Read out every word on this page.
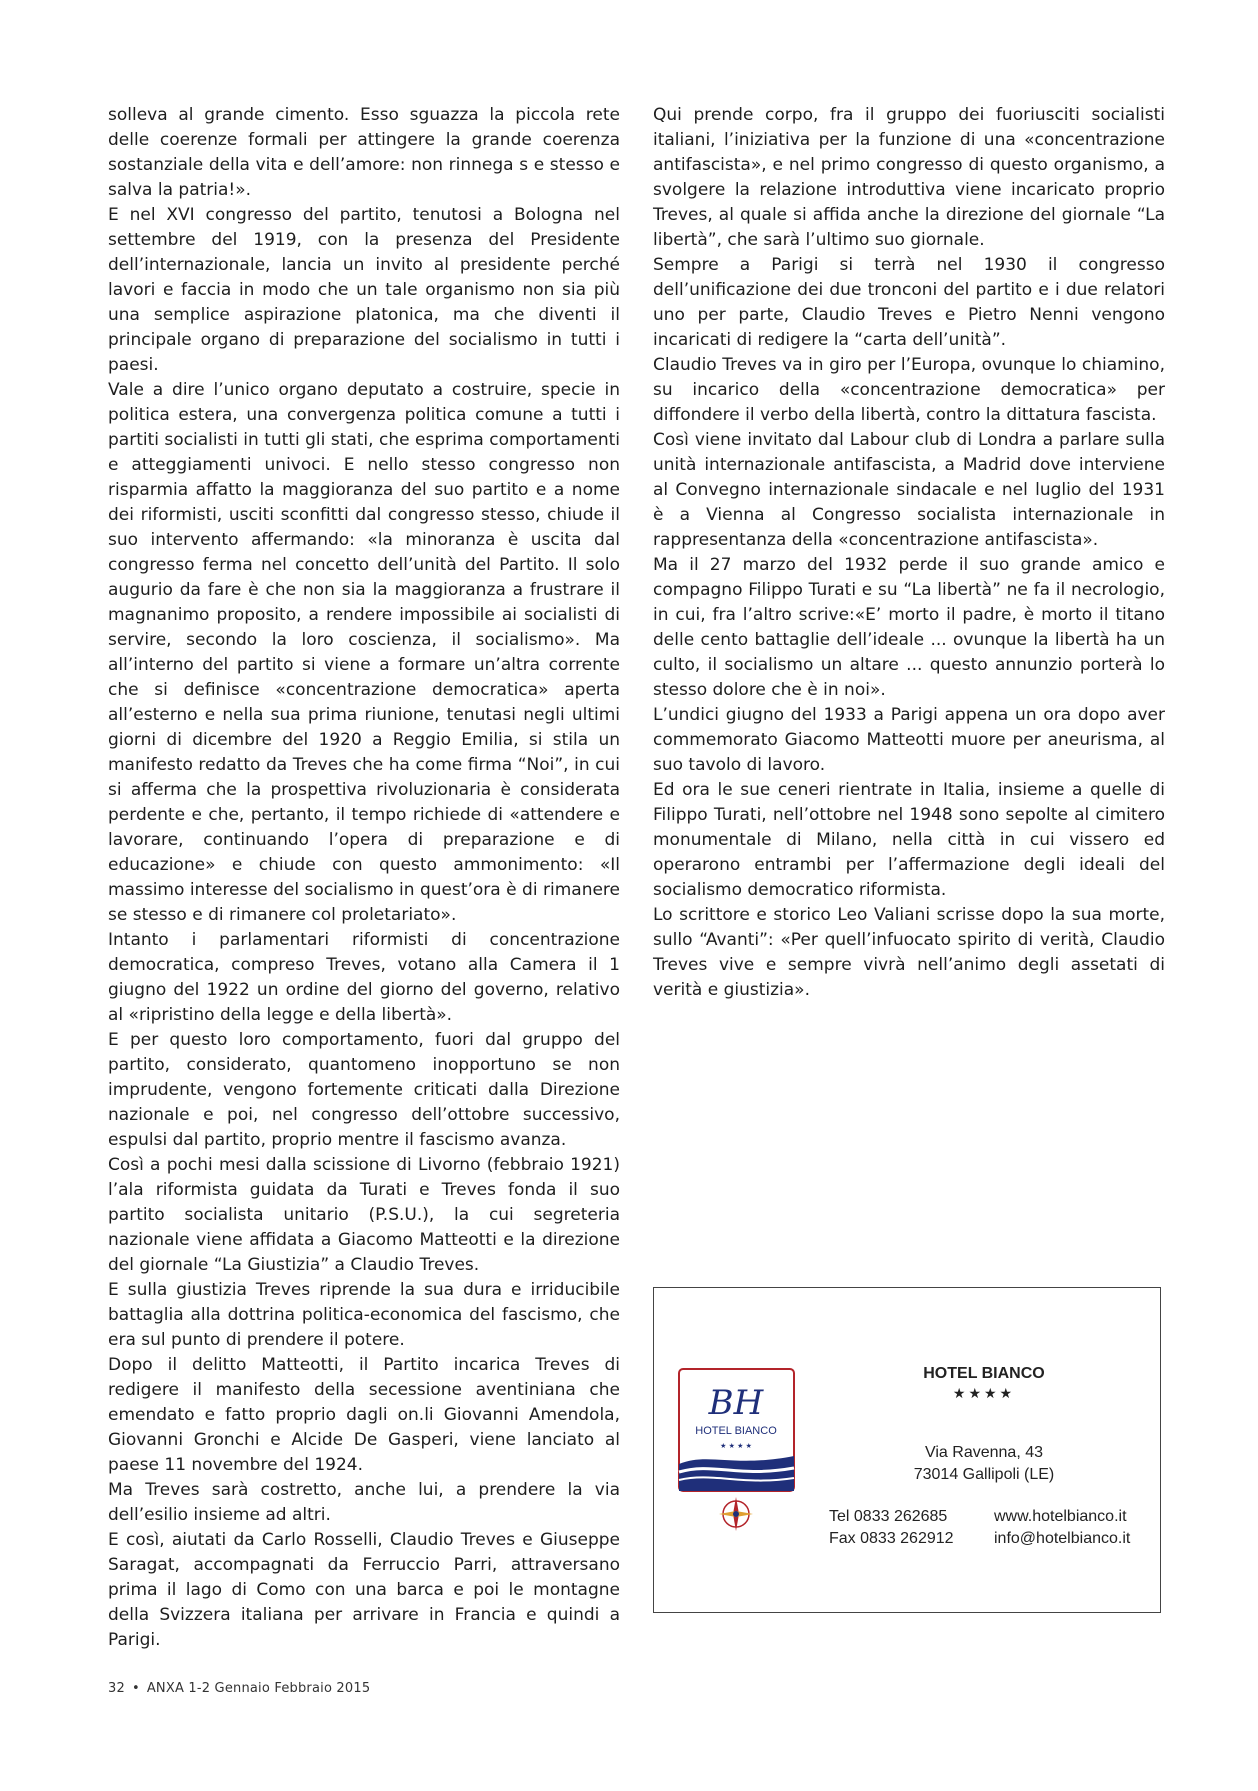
solleva al grande cimento. Esso sguazza la piccola rete delle coerenze formali per attingere la grande coerenza sostanziale della vita e dell’amore: non rinnega s e stesso e salva la patria!».

E nel XVI congresso del partito, tenutosi a Bologna nel settembre del 1919, con la presenza del Presidente dell’internazionale, lancia un invito al presidente perché lavori e faccia in modo che un tale organismo non sia più una semplice aspirazione platonica, ma che diventi il principale organo di preparazione del socialismo in tutti i paesi.

Vale a dire l’unico organo deputato a costruire, specie in politica estera, una convergenza politica comune a tutti i partiti socialisti in tutti gli stati, che esprima comportamenti e atteggiamenti univoci. E nello stesso congresso non risparmia affatto la maggioranza del suo partito e a nome dei riformisti, usciti sconfitti dal congresso stesso, chiude il suo intervento affermando: «la minoranza è uscita dal congresso ferma nel concetto dell’unità del Partito. Il solo augurio da fare è che non sia la maggioranza a frustrare il magnanimo proposito, a rendere impossibile ai socialisti di servire, secondo la loro coscienza, il socialismo». Ma all’interno del partito si viene a formare un’altra corrente che si definisce «concentrazione democratica» aperta all’esterno e nella sua prima riunione, tenutasi negli ultimi giorni di dicembre del 1920 a Reggio Emilia, si stila un manifesto redatto da Treves che ha come firma “Noi”, in cui si afferma che la prospettiva rivoluzionaria è considerata perdente e che, pertanto, il tempo richiede di «attendere e lavorare, continuando l’opera di preparazione e di educazione» e chiude con questo ammonimento: «Il massimo interesse del socialismo in quest’ora è di rimanere se stesso e di rimanere col proletariato».

Intanto i parlamentari riformisti di concentrazione democratica, compreso Treves, votano alla Camera il 1 giugno del 1922 un ordine del giorno del governo, relativo al «ripristino della legge e della libertà».

E per questo loro comportamento, fuori dal gruppo del partito, considerato, quantomeno inopportuno se non imprudente, vengono fortemente criticati dalla Direzione nazionale e poi, nel congresso dell’ottobre successivo, espulsi dal partito, proprio mentre il fascismo avanza.

Così a pochi mesi dalla scissione di Livorno (febbraio 1921) l’ala riformista guidata da Turati e Treves fonda il suo partito socialista unitario (P.S.U.), la cui segreteria nazionale viene affidata a Giacomo Matteotti e la direzione del giornale “La Giustizia” a Claudio Treves.

E sulla giustizia Treves riprende la sua dura e irriducibile battaglia alla dottrina politica-economica del fascismo, che era sul punto di prendere il potere.

Dopo il delitto Matteotti, il Partito incarica Treves di redigere il manifesto della secessione aventiniana che emendato e fatto proprio dagli on.li Giovanni Amendola, Giovanni Gronchi e Alcide De Gasperi, viene lanciato al paese 11 novembre del 1924.

Ma Treves sarà costretto, anche lui, a prendere la via dell’esilio insieme ad altri.

E così, aiutati da Carlo Rosselli, Claudio Treves e Giuseppe Saragat, accompagnati da Ferruccio Parri, attraversano prima il lago di Como con una barca e poi le montagne della Svizzera italiana per arrivare in Francia e quindi a Parigi.

Qui prende corpo, fra il gruppo dei fuoriusciti socialisti italiani, l’iniziativa per la funzione di una «concentrazione antifascista», e nel primo congresso di questo organismo, a svolgere la relazione introduttiva viene incaricato proprio Treves, al quale si affida anche la direzione del giornale “La libertà”, che sarà l’ultimo suo giornale.

Sempre a Parigi si terrà nel 1930 il congresso dell’unificazione dei due tronconi del partito e i due relatori uno per parte, Claudio Treves e Pietro Nenni vengono incaricati di redigere la “carta dell’unità”.

Claudio Treves va in giro per l’Europa, ovunque lo chiamino, su incarico della «concentrazione democratica» per diffondere il verbo della libertà, contro la dittatura fascista.

Così viene invitato dal Labour club di Londra a parlare sulla unità internazionale antifascista, a Madrid dove interviene al Convegno internazionale sindacale e nel luglio del 1931 è a Vienna al Congresso socialista internazionale in rappresentanza della «concentrazione antifascista».

Ma il 27 marzo del 1932 perde il suo grande amico e compagno Filippo Turati e su “La libertà” ne fa il necrologio, in cui, fra l’altro scrive:«E’ morto il padre, è morto il titano delle cento battaglie dell’ideale ... ovunque la libertà ha un culto, il socialismo un altare ... questo annunzio porterà lo stesso dolore che è in noi».

L’undici giugno del 1933 a Parigi appena un ora dopo aver commemorato Giacomo Matteotti muore per aneurisma, al suo tavolo di lavoro.

Ed ora le sue ceneri rientrate in Italia, insieme a quelle di Filippo Turati, nell’ottobre nel 1948 sono sepolte al cimitero monumentale di Milano, nella città in cui vissero ed operarono entrambi per l’affermazione degli ideali del socialismo democratico riformista.

Lo scrittore e storico Leo Valiani scrisse dopo la sua morte, sullo “Avanti”: «Per quell’infuocato spirito di verità, Claudio Treves vive e sempre vivrà nell’animo degli assetati di verità e giustizia».

BH
HOTEL BIANCO
★ ★ ★ ★
HOTEL BIANCO
★★★★
Via Ravenna, 43
73014 Gallipoli (LE)
Tel 0833 262685
Fax 0833 262912
www.hotelbianco.it
info@hotelbianco.it
32 • ANXA 1-2 Gennaio Febbraio 2015
